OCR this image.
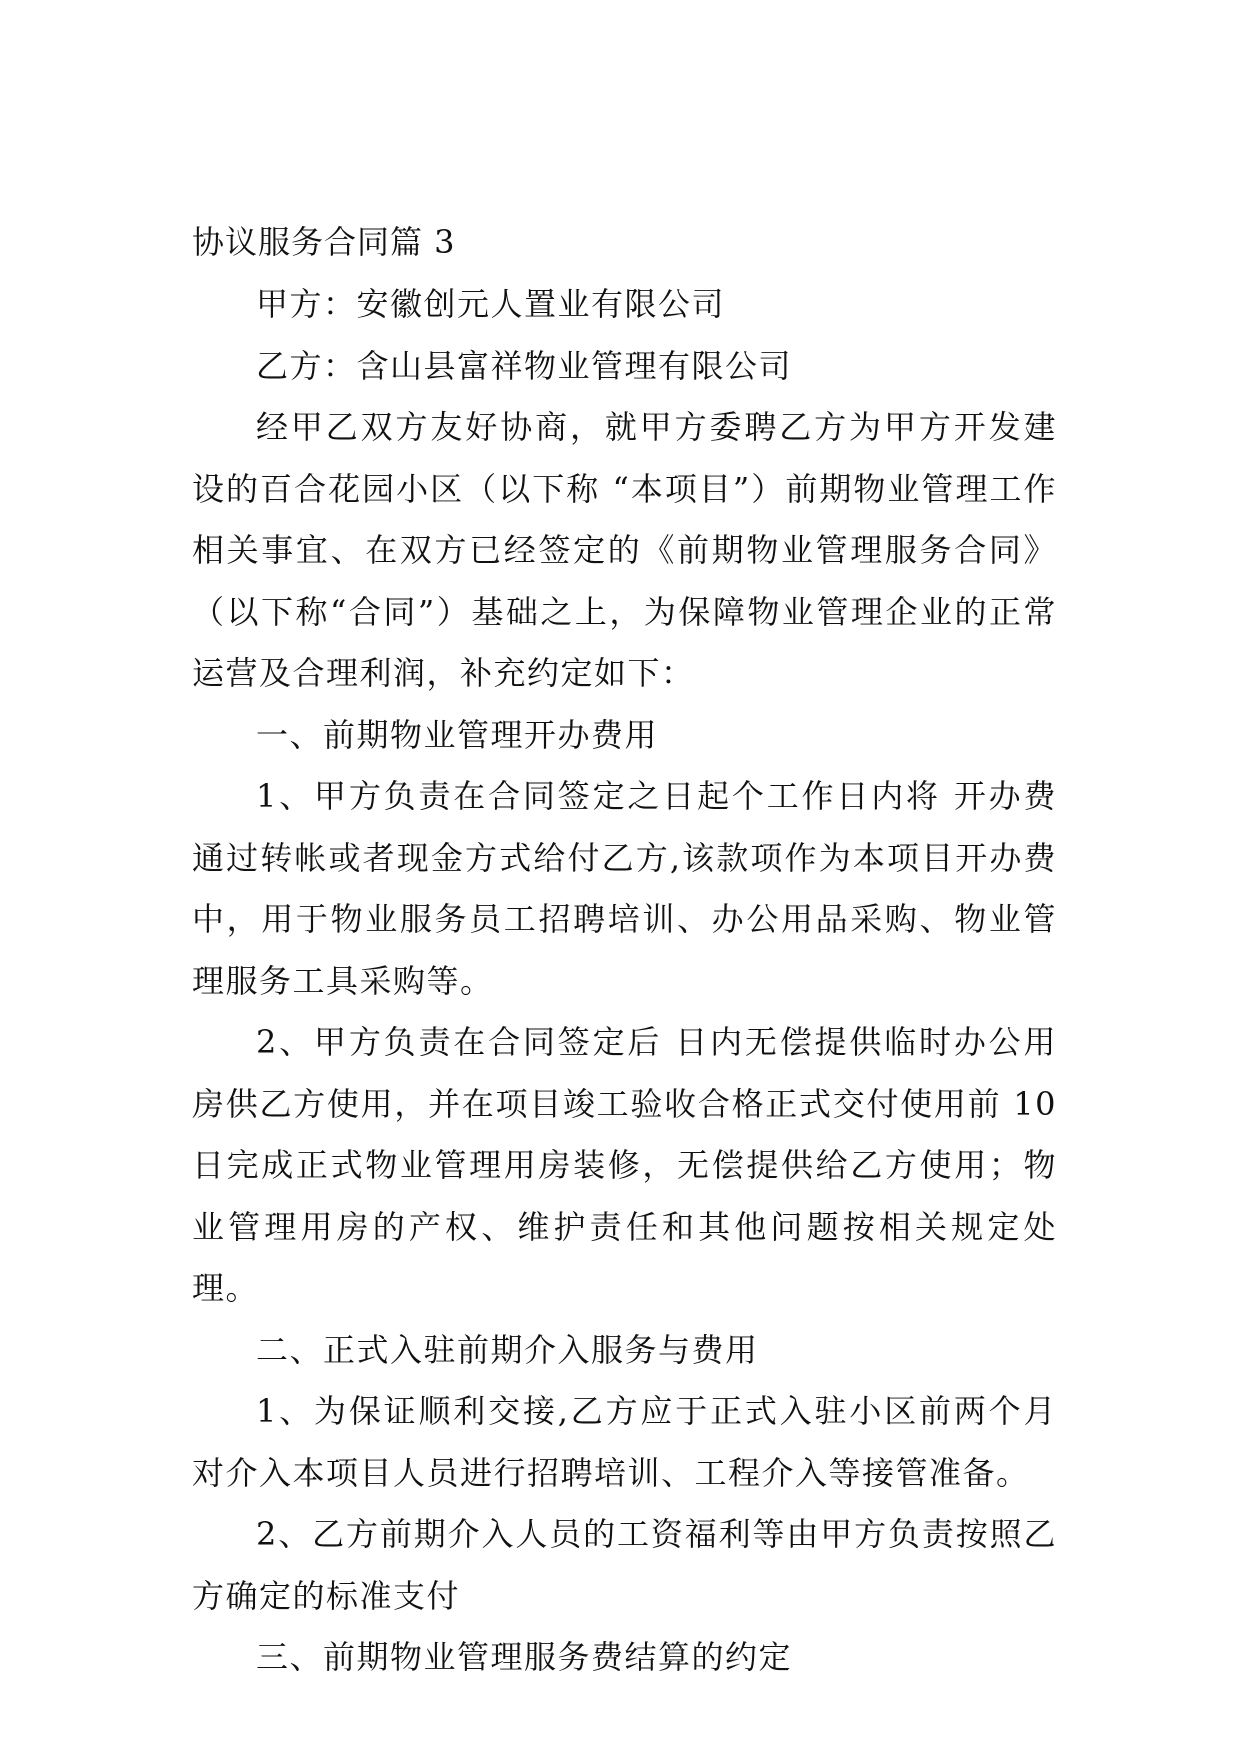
协议服务合同篇 3

甲方：安徽创元人置业有限公司

乙方：含山县富祥物业管理有限公司

经甲乙双方友好协商，就甲方委聘乙方为甲方开发建设的百合花园小区（以下称 “本项目”）前期物业管理工作相关事宜、在双方已经签定的《前期物业管理服务合同》（以下称“合同”）基础之上，为保障物业管理企业的正常运营及合理利润，补充约定如下：

一、前期物业管理开办费用

1、甲方负责在合同签定之日起个工作日内将 开办费通过转帐或者现金方式给付乙方,该款项作为本项目开办费中，用于物业服务员工招聘培训、办公用品采购、物业管理服务工具采购等。

2、甲方负责在合同签定后 日内无偿提供临时办公用房供乙方使用，并在项目竣工验收合格正式交付使用前 10 日完成正式物业管理用房装修，无偿提供给乙方使用；物业管理用房的产权、维护责任和其他问题按相关规定处理。

二、正式入驻前期介入服务与费用

1、为保证顺利交接,乙方应于正式入驻小区前两个月对介入本项目人员进行招聘培训、工程介入等接管准备。

2、乙方前期介入人员的工资福利等由甲方负责按照乙方确定的标准支付

三、前期物业管理服务费结算的约定
